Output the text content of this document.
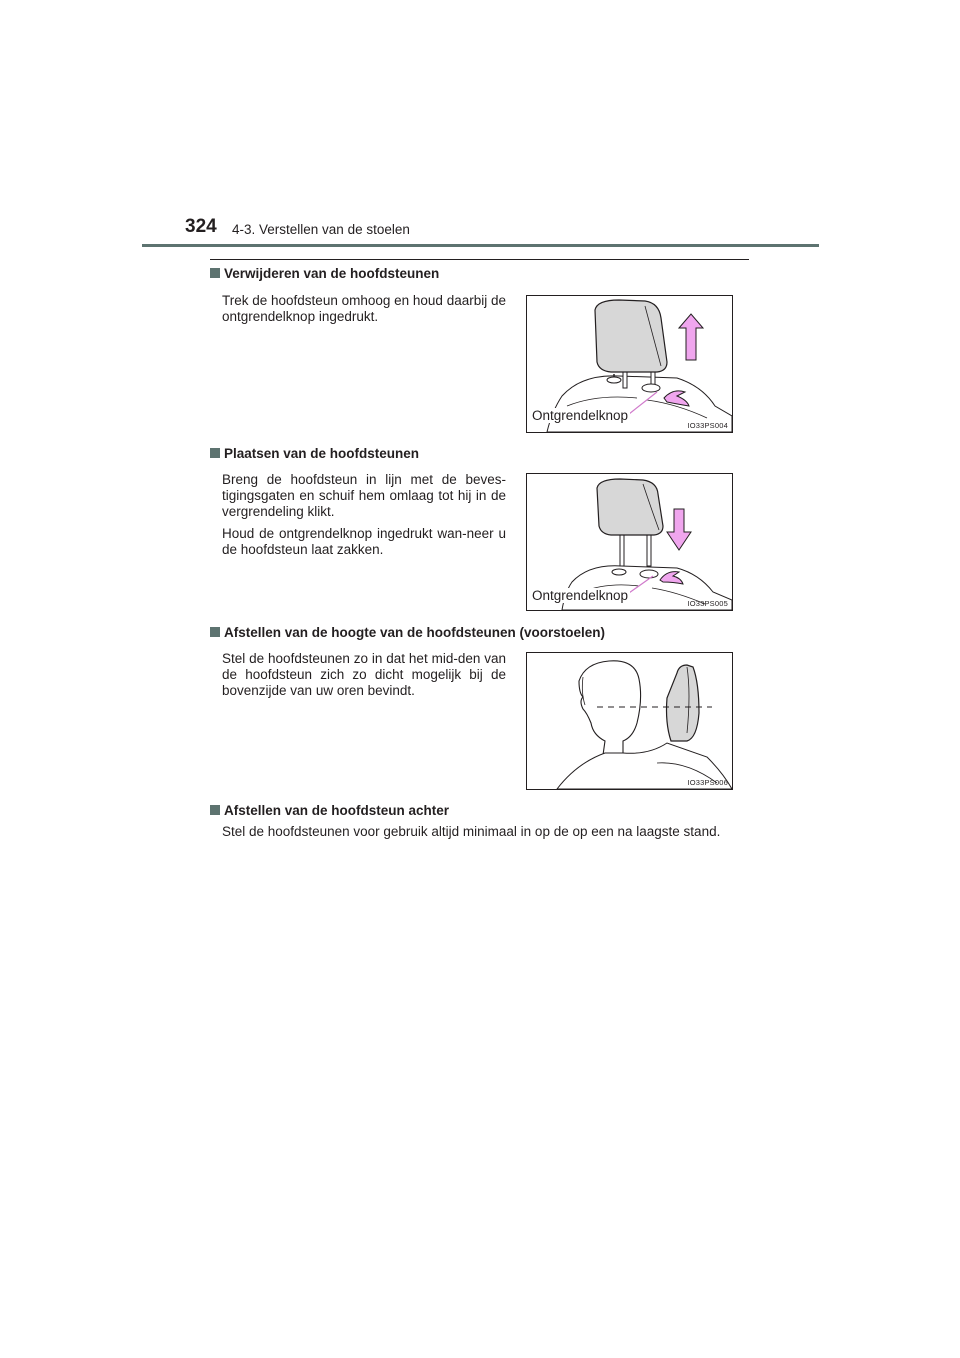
324 4-3. Verstellen van de stoelen
Verwijderen van de hoofdsteunen

Trek de hoofdsteun omhoog en houd daarbij de ontgrendelknop ingedrukt.

Ontgrendelknop
IO33PS004
Plaatsen van de hoofdsteunen

Breng de hoofdsteun in lijn met de beves-tigingsgaten en schuif hem omlaag tot hij in de vergrendeling klikt.

Houd de ontgrendelknop ingedrukt wan-neer u de hoofdsteun laat zakken.

Ontgrendelknop
IO33PS005
Afstellen van de hoogte van de hoofdsteunen (voorstoelen)

Stel de hoofdsteunen zo in dat het mid-den van de hoofdsteun zich zo dicht mogelijk bij de bovenzijde van uw oren bevindt.

IO33PS006
Afstellen van de hoofdsteun achter
Stel de hoofdsteunen voor gebruik altijd minimaal in op de op een na laagste stand.
